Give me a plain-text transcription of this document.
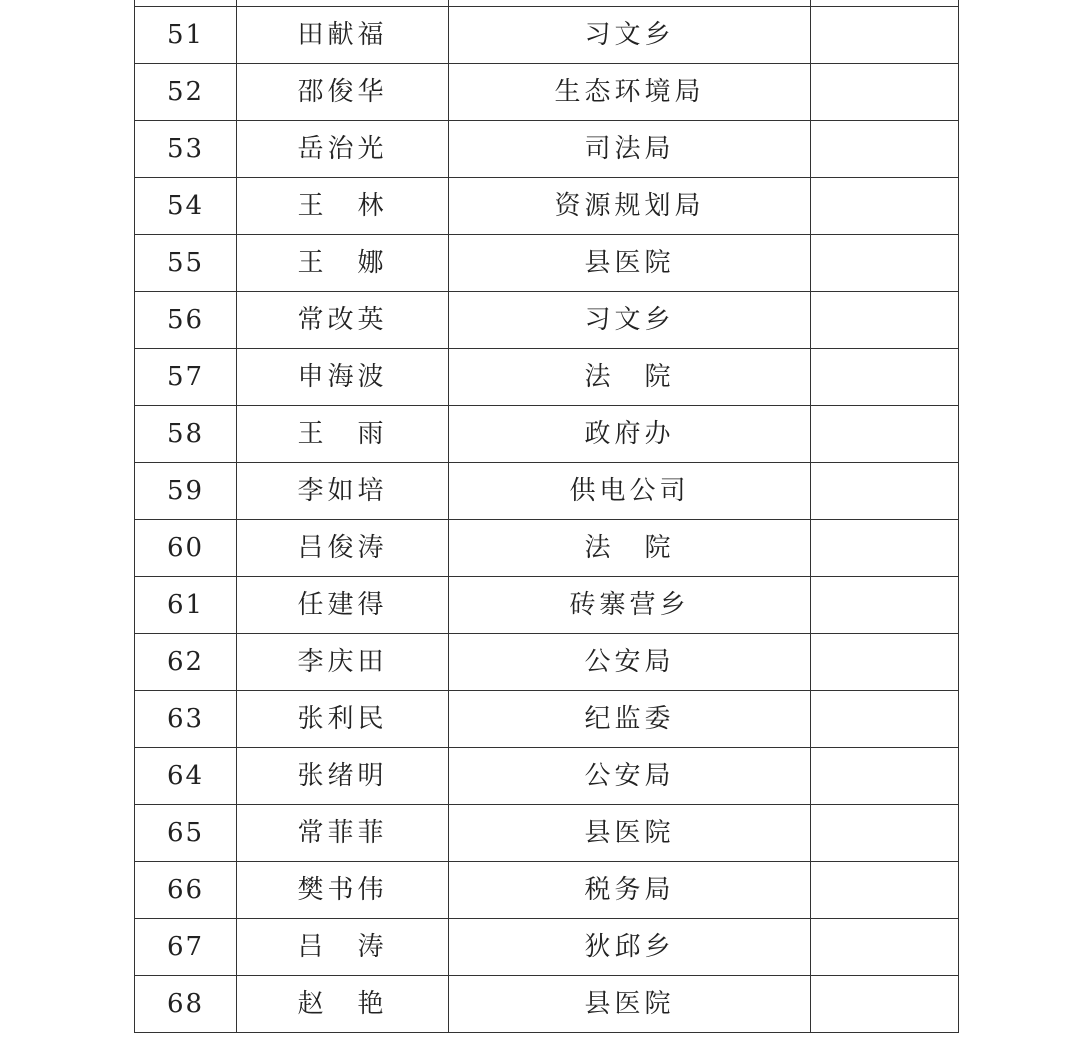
51	田献福	习文乡	
52	邵俊华	生态环境局	
53	岳治光	司法局	
54	王　林	资源规划局	
55	王　娜	县医院	
56	常改英	习文乡	
57	申海波	法　院	
58	王　雨	政府办	
59	李如培	供电公司	
60	吕俊涛	法　院	
61	任建得	砖寨营乡	
62	李庆田	公安局	
63	张利民	纪监委	
64	张绪明	公安局	
65	常菲菲	县医院	
66	樊书伟	税务局	
67	吕　涛	狄邱乡	
68	赵　艳	县医院	
